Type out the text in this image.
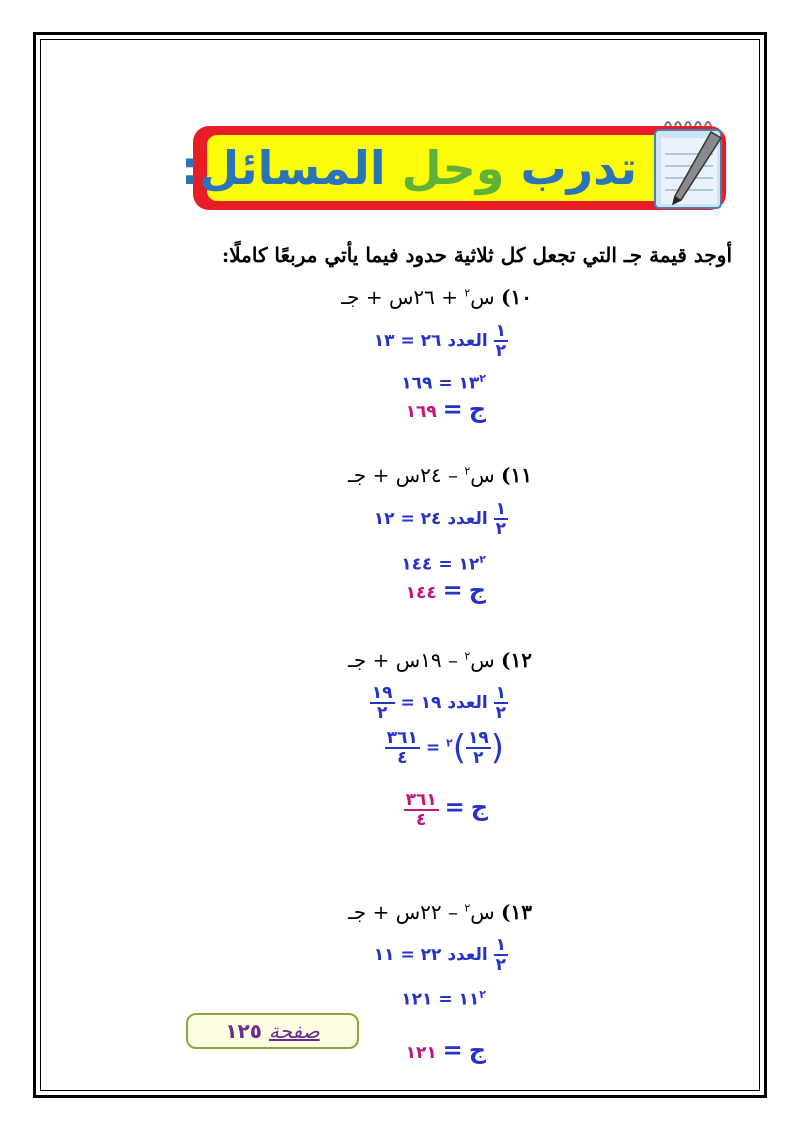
تدرب وحل المسائل:
أوجد قيمة جـ التي تجعل كل ثلاثية حدود فيما يأتي مربعًا كاملًا:
١٠) س$^٢$ + ٢٦س + جـ
$\frac{١}{٢}$
العدد ٢٦ = ١٣
$١٣^٢$ = ١٦٩
ج = ١٦٩
١١) س$^٢$ – ٢٤س + جـ
$\frac{١}{٢}$
العدد ٢٤ = ١٢
$١٢^٢$ = ١٤٤
ج = ١٤٤
١٢) س$^٢$ – ١٩س + جـ
$\frac{١}{٢}$
العدد ١٩ =
$\frac{١٩}{٢}$
(
$\frac{١٩}{٢}$
)$^٢$ =
$\frac{٣٦١}{٤}$
ج =
$\frac{٣٦١}{٤}$
١٣) س$^٢$ – ٢٢س + جـ
$\frac{١}{٢}$
العدد ٢٢ = ١١
$١١^٢$ = ١٢١
ج = ١٢١
صفحة ١٢٥
